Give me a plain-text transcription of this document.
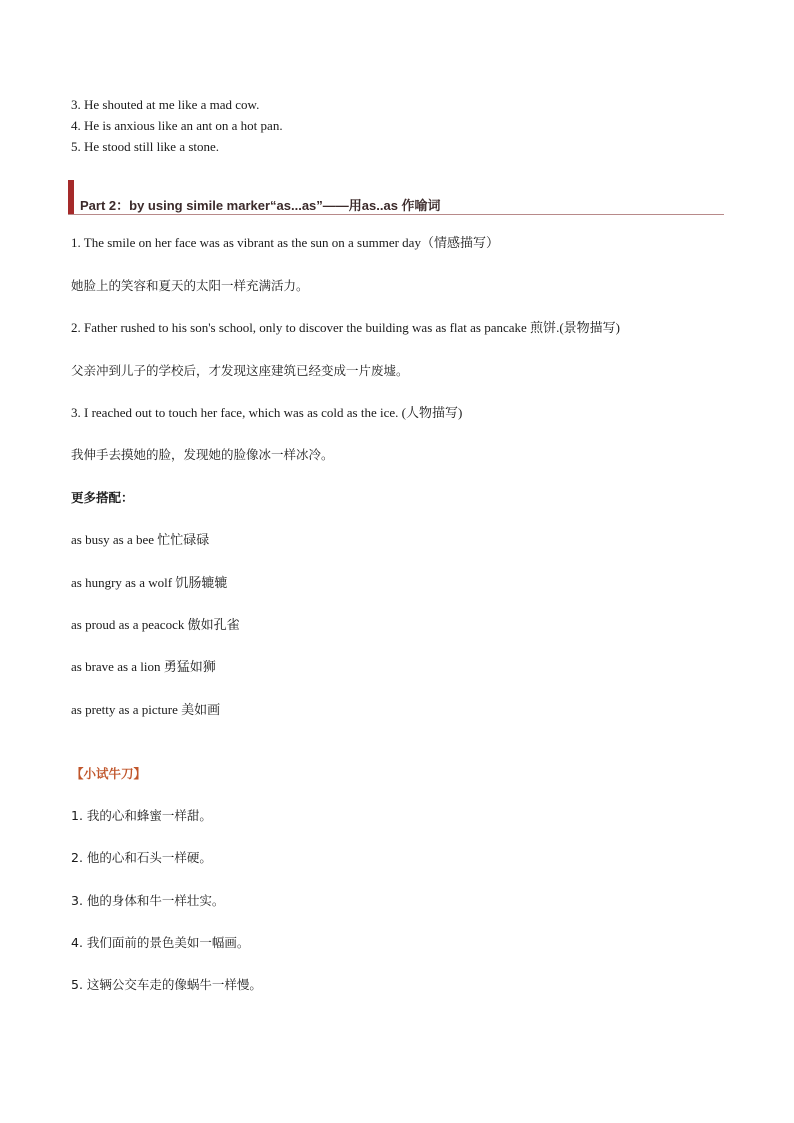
3. He shouted at me like a mad cow.
4. He is anxious like an ant on a hot pan.
5. He stood still like a stone.
Part 2：by using simile marker“as...as”——用as..as 作喻词
1. The smile on her face was as vibrant as the sun on a summer day（情感描写）
她脸上的笑容和夏天的太阳一样充满活力。
2. Father rushed to his son's school, only to discover the building was as flat as pancake 煎饼.(景物描写)
父亲冲到儿子的学校后，才发现这座建筑已经变成一片废墟。
3. I reached out to touch her face, which was as cold as the ice. (人物描写)
我伸手去摸她的脸，发现她的脸像冰一样冰冷。
更多搭配：
as busy as a bee 忙忙碌碌
as hungry as a wolf 饥肠辘辘
as proud as a peacock 傲如孔雀
as brave as a lion 勇猛如狮
as pretty as a picture 美如画
【小试牛刀】
1. 我的心和蜂蜜一样甜。
2. 他的心和石头一样硬。
3. 他的身体和牛一样壮实。
4. 我们面前的景色美如一幅画。
5. 这辆公交车走的像蜗牛一样慢。
